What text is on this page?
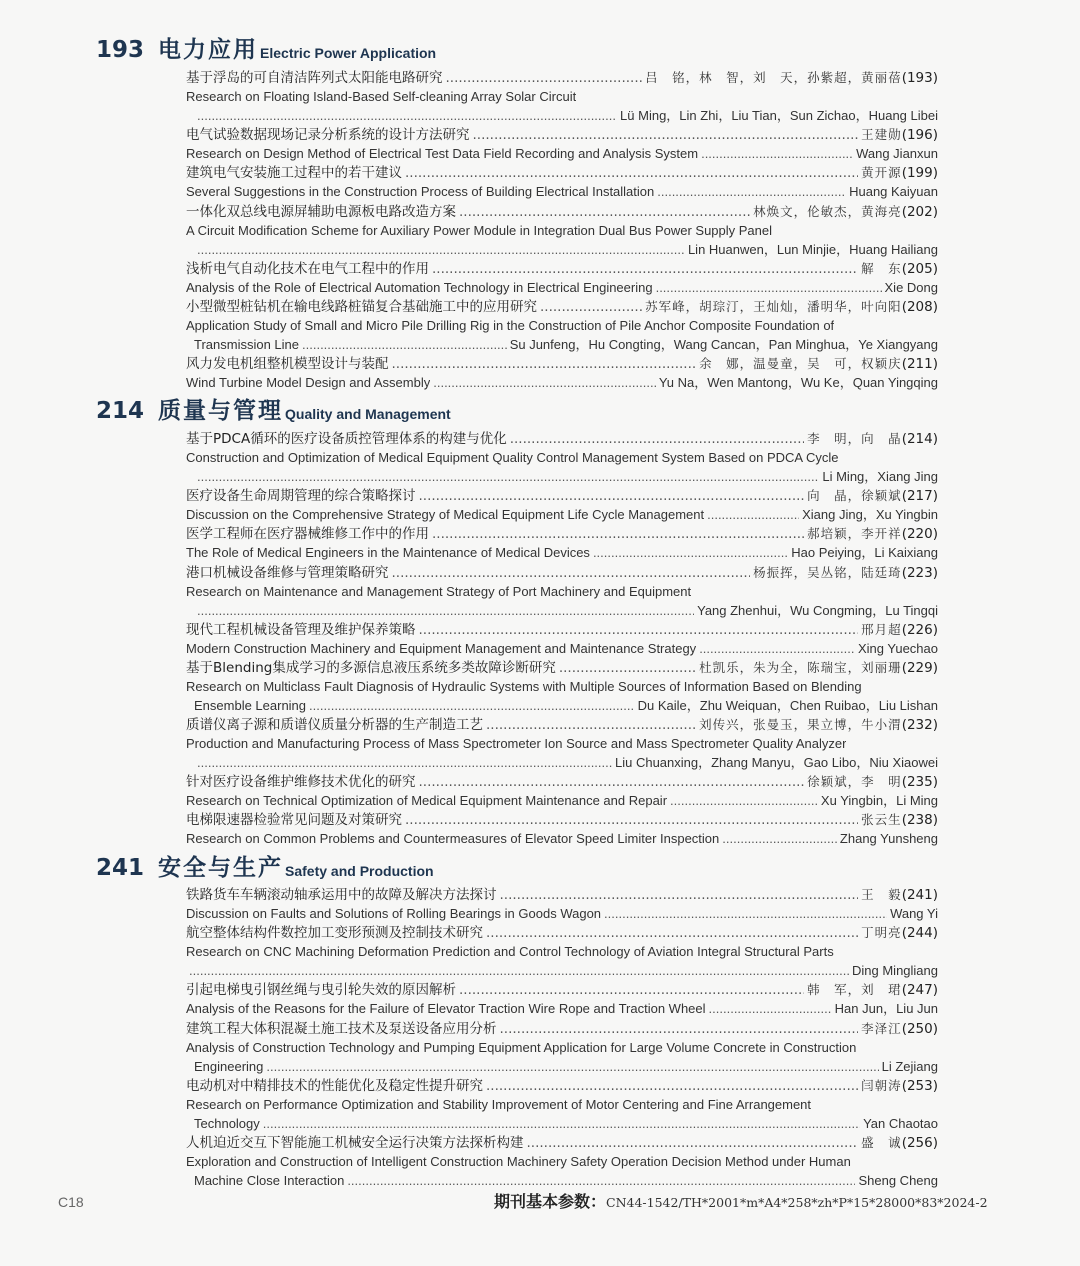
193 电力应用 Electric Power Application
基于浮岛的可自清洁阵列式太阳能电路研究 .....	吕　铭，林　智，刘　天，孙紫超，黄丽蓓 (193)
Research on Floating Island-Based Self-cleaning Array Solar Circuit
.....
Lü Ming，Lin Zhi，Liu Tian，Sun Zichao，Huang Libei
电气试验数据现场记录分析系统的设计方法研究 .....	王建勋 (196)
Research on Design Method of Electrical Test Data Field Recording and Analysis System .....	Wang Jianxun
建筑电气安装施工过程中的若干建议 .....	黄开源 (199)
Several Suggestions in the Construction Process of Building Electrical Installation .....	Huang Kaiyuan
一体化双总线电源屏辅助电源板电路改造方案 .....	林焕文，伦敏杰，黄海亮 (202)
A Circuit Modification Scheme for Auxiliary Power Module in Integration Dual Bus Power Supply Panel
.....
Lin Huanwen，Lun Minjie，Huang Hailiang
浅析电气自动化技术在电气工程中的作用 .....	解　东 (205)
Analysis of the Role of Electrical Automation Technology in Electrical Engineering .....	Xie Dong
小型微型桩钻机在输电线路桩锚复合基础施工中的应用研究 .....	苏军峰，胡琮汀，王灿灿，潘明华，叶向阳 (208)
Application Study of Small and Micro Pile Drilling Rig in the Construction of Pile Anchor Composite Foundation of
Transmission Line .....	Su Junfeng，Hu Congting，Wang Cancan，Pan Minghua，Ye Xiangyang
风力发电机组整机模型设计与装配 .....	余　娜，温曼童，吴　可，权颖庆 (211)
Wind Turbine Model Design and Assembly .....	Yu Na，Wen Mantong，Wu Ke，Quan Yingqing
214 质量与管理 Quality and Management
基于PDCA循环的医疗设备质控管理体系的构建与优化 .....	李　明，向　晶 (214)
Construction and Optimization of Medical Equipment Quality Control Management System Based on PDCA Cycle
.....
Li Ming，Xiang Jing
医疗设备生命周期管理的综合策略探讨 .....	向　晶，徐颖斌 (217)
Discussion on the Comprehensive Strategy of Medical Equipment Life Cycle Management .....	Xiang Jing，Xu Yingbin
医学工程师在医疗器械维修工作中的作用 .....	郝培颖，李开祥 (220)
The Role of Medical Engineers in the Maintenance of Medical Devices .....	Hao Peiying，Li Kaixiang
港口机械设备维修与管理策略研究 .....	杨振挥，吴丛铭，陆廷琦 (223)
Research on Maintenance and Management Strategy of Port Machinery and Equipment
.....
Yang Zhenhui，Wu Congming，Lu Tingqi
现代工程机械设备管理及维护保养策略 .....	邢月超 (226)
Modern Construction Machinery and Equipment Management and Maintenance Strategy .....	Xing Yuechao
基于Blending集成学习的多源信息液压系统多类故障诊断研究 .....	杜凯乐，朱为全，陈瑞宝，刘丽珊 (229)
Research on Multiclass Fault Diagnosis of Hydraulic Systems with Multiple Sources of Information Based on Blending
Ensemble Learning .....	Du Kaile，Zhu Weiquan，Chen Ruibao，Liu Lishan
质谱仪离子源和质谱仪质量分析器的生产制造工艺 .....	刘传兴，张曼玉，果立博，牛小渭 (232)
Production and Manufacturing Process of Mass Spectrometer Ion Source and Mass Spectrometer Quality Analyzer
.....
Liu Chuanxing，Zhang Manyu，Gao Libo，Niu Xiaowei
针对医疗设备维护维修技术优化的研究 .....	徐颖斌，李　明 (235)
Research on Technical Optimization of Medical Equipment Maintenance and Repair .....	Xu Yingbin，Li Ming
电梯限速器检验常见问题及对策研究 .....	张云生 (238)
Research on Common Problems and Countermeasures of Elevator Speed Limiter Inspection .....	Zhang Yunsheng
241 安全与生产 Safety and Production
铁路货车车辆滚动轴承运用中的故障及解决方法探讨 .....	王　毅 (241)
Discussion on Faults and Solutions of Rolling Bearings in Goods Wagon .....	Wang Yi
航空整体结构件数控加工变形预测及控制技术研究 .....	丁明亮 (244)
Research on CNC Machining Deformation Prediction and Control Technology of Aviation Integral Structural Parts
.....
Ding Mingliang
引起电梯曳引钢丝绳与曳引轮失效的原因解析 .....	韩　军，刘　珺 (247)
Analysis of the Reasons for the Failure of Elevator Traction Wire Rope and Traction Wheel .....	Han Jun，Liu Jun
建筑工程大体积混凝土施工技术及泵送设备应用分析 .....	李泽江 (250)
Analysis of Construction Technology and Pumping Equipment Application for Large Volume Concrete in Construction
Engineering .....	Li Zejiang
电动机对中精排技术的性能优化及稳定性提升研究 .....	闫朝涛 (253)
Research on Performance Optimization and Stability Improvement of Motor Centering and Fine Arrangement
Technology .....	Yan Chaotao
人机迫近交互下智能施工机械安全运行决策方法探析构建 .....	盛　诚 (256)
Exploration and Construction of Intelligent Construction Machinery Safety Operation Decision Method under Human
Machine Close Interaction .....	Sheng Cheng
C18	期刊基本参数： CN44-1542/TH*2001*m*A4*258*zh*P*15*28000*83*2024-2
